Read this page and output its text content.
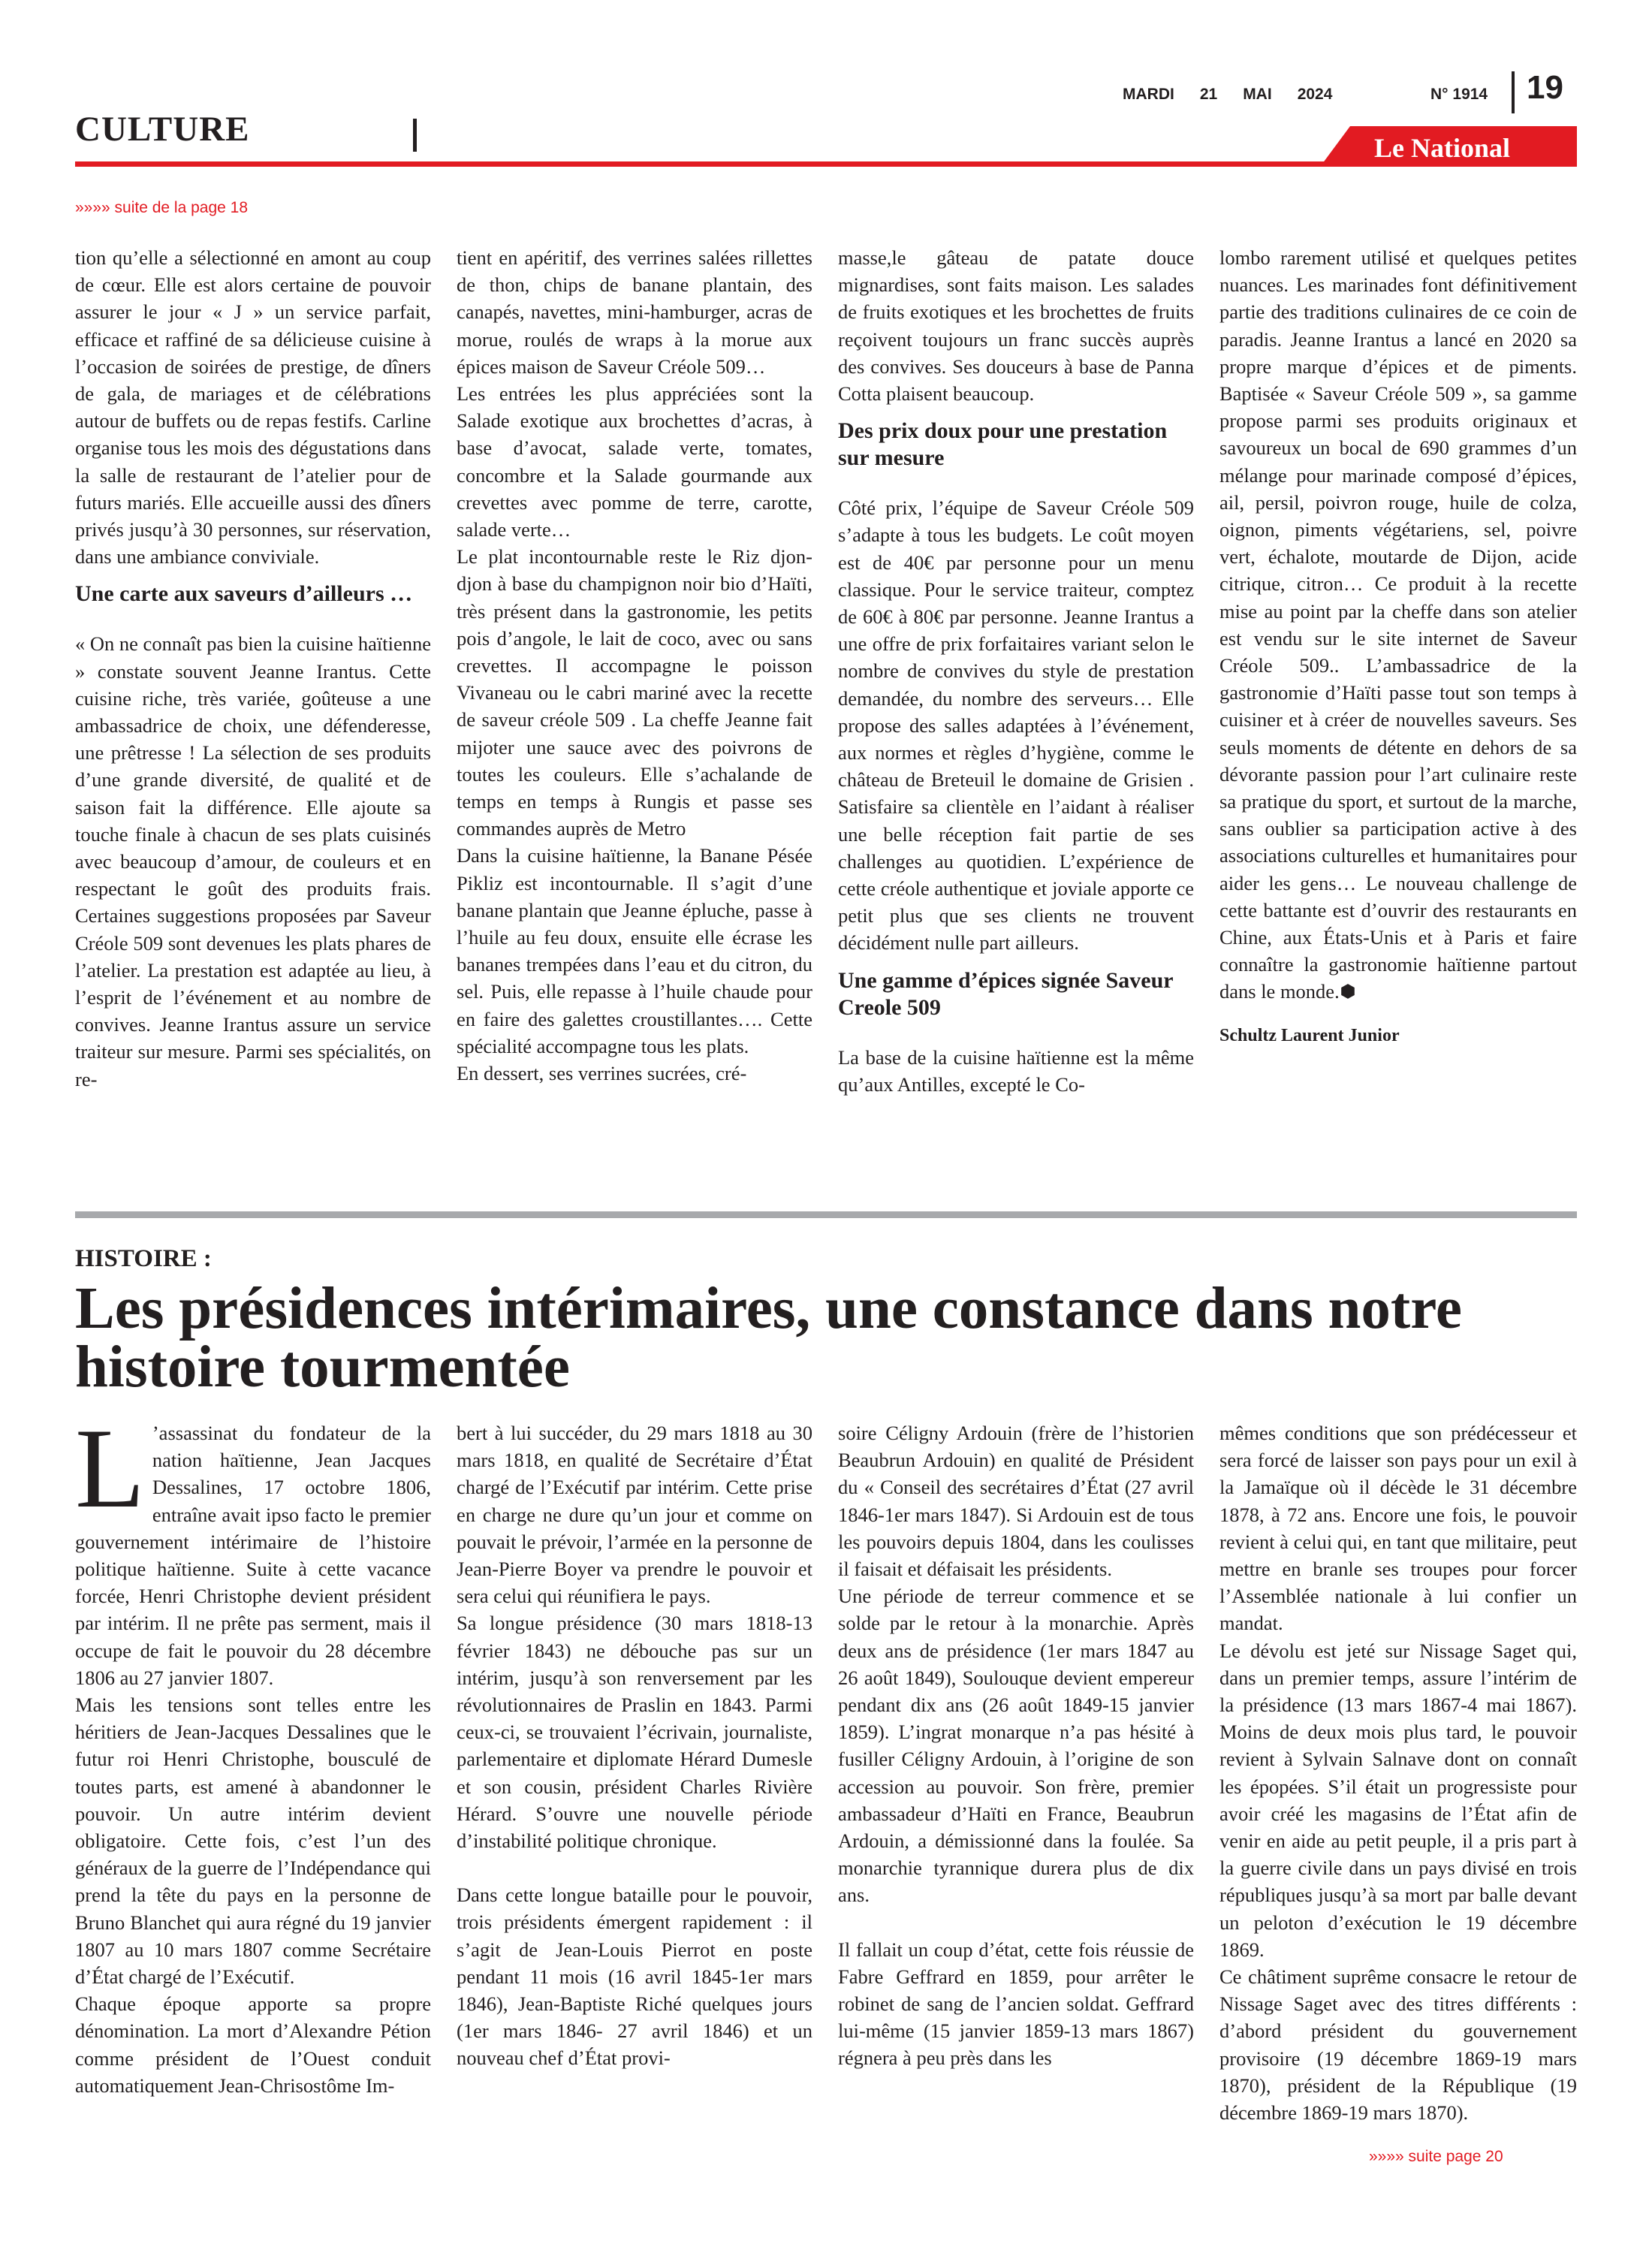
CULTURE
MARDI 21 MAI 2024	N° 1914 19
Le National
»»»» suite de la page 18

tion qu’elle a sélectionné en amont au coup de cœur. Elle est alors certaine de pouvoir assurer le jour « J » un service parfait, efficace et raffiné de sa délicieuse cuisine à l’occasion de soirées de prestige, de dîners de gala, de mariages et de célébrations autour de buffets ou de repas festifs. Carline organise tous les mois des dégustations dans la salle de restaurant de l’atelier pour de futurs mariés. Elle accueille aussi des dîners privés jusqu’à 30 personnes, sur réservation, dans une ambiance conviviale.

Une carte aux saveurs d’ailleurs …

« On ne connaît pas bien la cuisine haïtienne » constate souvent Jeanne Irantus. Cette cuisine riche, très variée, goûteuse a une ambassadrice de choix, une défenderesse, une prêtresse ! La sélection de ses produits d’une grande diversité, de qualité et de saison fait la différence. Elle ajoute sa touche finale à chacun de ses plats cuisinés avec beaucoup d’amour, de couleurs et en respectant le goût des produits frais. Certaines suggestions proposées par Saveur Créole 509 sont devenues les plats phares de l’atelier. La prestation est adaptée au lieu, à l’esprit de l’événement et au nombre de convives. Jeanne Irantus assure un service traiteur sur mesure. Parmi ses spécialités, on re-

tient en apéritif, des verrines salées rillettes de thon, chips de banane plantain, des canapés, navettes, mini-hamburger, acras de morue, roulés de wraps à la morue aux épices maison de Saveur Créole 509…

Les entrées les plus appréciées sont la Salade exotique aux brochettes d’acras, à base d’avocat, salade verte, tomates, concombre et la Salade gourmande aux crevettes avec pomme de terre, carotte, salade verte…

Le plat incontournable reste le Riz djon-djon à base du champignon noir bio d’Haïti, très présent dans la gastronomie, les petits pois d’angole, le lait de coco, avec ou sans crevettes. Il accompagne le poisson Vivaneau ou le cabri mariné avec la recette de saveur créole 509 . La cheffe Jeanne fait mijoter une sauce avec des poivrons de toutes les couleurs. Elle s’achalande de temps en temps à Rungis et passe ses commandes auprès de Metro

Dans la cuisine haïtienne, la Banane Pésée Pikliz est incontournable. Il s’agit d’une banane plantain que Jeanne épluche, passe à l’huile au feu doux, ensuite elle écrase les bananes trempées dans l’eau et du citron, du sel. Puis, elle repasse à l’huile chaude pour en faire des galettes croustillantes…. Cette spécialité accompagne tous les plats.

En dessert, ses verrines sucrées, cré-

masse,le gâteau de patate douce mignardises, sont faits maison. Les salades de fruits exotiques et les brochettes de fruits reçoivent toujours un franc succès auprès des convives. Ses douceurs à base de Panna Cotta plaisent beaucoup.

Des prix doux pour une prestation sur mesure

Côté prix, l’équipe de Saveur Créole 509 s’adapte à tous les budgets. Le coût moyen est de 40€ par personne pour un menu classique. Pour le service traiteur, comptez de 60€ à 80€ par personne. Jeanne Irantus a une offre de prix forfaitaires variant selon le nombre de convives du style de prestation demandée, du nombre des serveurs… Elle propose des salles adaptées à l’événement, aux normes et règles d’hygiène, comme le château de Breteuil le domaine de Grisien . Satisfaire sa clientèle en l’aidant à réaliser une belle réception fait partie de ses challenges au quotidien. L’expérience de cette créole authentique et joviale apporte ce petit plus que ses clients ne trouvent décidément nulle part ailleurs.

Une gamme d’épices signée Saveur Creole 509

La base de la cuisine haïtienne est la même qu’aux Antilles, excepté le Co-

lombo rarement utilisé et quelques petites nuances. Les marinades font définitivement partie des traditions culinaires de ce coin de paradis. Jeanne Irantus a lancé en 2020 sa propre marque d’épices et de piments. Baptisée « Saveur Créole 509 », sa gamme propose parmi ses produits originaux et savoureux un bocal de 690 grammes d’un mélange pour marinade composé d’épices, ail, persil, poivron rouge, huile de colza, oignon, piments végétariens, sel, poivre vert, échalote, moutarde de Dijon, acide citrique, citron… Ce produit à la recette mise au point par la cheffe dans son atelier est vendu sur le site internet de Saveur Créole 509.. L’ambassadrice de la gastronomie d’Haïti passe tout son temps à cuisiner et à créer de nouvelles saveurs. Ses seuls moments de détente en dehors de sa dévorante passion pour l’art culinaire reste sa pratique du sport, et surtout de la marche, sans oublier sa participation active à des associations culturelles et humanitaires pour aider les gens… Le nouveau challenge de cette battante est d’ouvrir des restaurants en Chine, aux États-Unis et à Paris et faire connaître la gastronomie haïtienne partout dans le monde.

Schultz Laurent Junior

HISTOIRE :
Les présidences intérimaires, une constance dans notre histoire tourmentée

L ’assassinat du fondateur de la nation haïtienne, Jean Jacques Dessalines, 17 octobre 1806, entraîne avait ipso facto le premier gouvernement intérimaire de l’histoire politique haïtienne. Suite à cette vacance forcée, Henri Christophe devient président par intérim. Il ne prête pas serment, mais il occupe de fait le pouvoir du 28 décembre 1806 au 27 janvier 1807.

Mais les tensions sont telles entre les héritiers de Jean-Jacques Dessalines que le futur roi Henri Christophe, bousculé de toutes parts, est amené à abandonner le pouvoir. Un autre intérim devient obligatoire. Cette fois, c’est l’un des généraux de la guerre de l’Indépendance qui prend la tête du pays en la personne de Bruno Blanchet qui aura régné du 19 janvier 1807 au 10 mars 1807 comme Secrétaire d’État chargé de l’Exécutif.

Chaque époque apporte sa propre dénomination. La mort d’Alexandre Pétion comme président de l’Ouest conduit automatiquement Jean-Chrisostôme Im-

bert à lui succéder, du 29 mars 1818 au 30 mars 1818, en qualité de Secrétaire d’État chargé de l’Exécutif par intérim. Cette prise en charge ne dure qu’un jour et comme on pouvait le prévoir, l’armée en la personne de Jean-Pierre Boyer va prendre le pouvoir et sera celui qui réunifiera le pays.

Sa longue présidence (30 mars 1818-13 février 1843) ne débouche pas sur un intérim, jusqu’à son renversement par les révolutionnaires de Praslin en 1843. Parmi ceux-ci, se trouvaient l’écrivain, journaliste, parlementaire et diplomate Hérard Dumesle et son cousin, président Charles Rivière Hérard. S’ouvre une nouvelle période d’instabilité politique chronique.

Dans cette longue bataille pour le pouvoir, trois présidents émergent rapidement : il s’agit de Jean-Louis Pierrot en poste pendant 11 mois (16 avril 1845-1er mars 1846), Jean-Baptiste Riché quelques jours (1er mars 1846- 27 avril 1846) et un nouveau chef d’État provi-

soire Céligny Ardouin (frère de l’historien Beaubrun Ardouin) en qualité de Président du « Conseil des secrétaires d’État (27 avril 1846-1er mars 1847). Si Ardouin est de tous les pouvoirs depuis 1804, dans les coulisses il faisait et défaisait les présidents.

Une période de terreur commence et se solde par le retour à la monarchie. Après deux ans de présidence (1er mars 1847 au 26 août 1849), Soulouque devient empereur pendant dix ans (26 août 1849-15 janvier 1859). L’ingrat monarque n’a pas hésité à fusiller Céligny Ardouin, à l’origine de son accession au pouvoir. Son frère, premier ambassadeur d’Haïti en France, Beaubrun Ardouin, a démissionné dans la foulée. Sa monarchie tyrannique durera plus de dix ans.

Il fallait un coup d’état, cette fois réussie de Fabre Geffrard en 1859, pour arrêter le robinet de sang de l’ancien soldat. Geffrard lui-même (15 janvier 1859-13 mars 1867) régnera à peu près dans les

mêmes conditions que son prédécesseur et sera forcé de laisser son pays pour un exil à la Jamaïque où il décède le 31 décembre 1878, à 72 ans. Encore une fois, le pouvoir revient à celui qui, en tant que militaire, peut mettre en branle ses troupes pour forcer l’Assemblée nationale à lui confier un mandat.

Le dévolu est jeté sur Nissage Saget qui, dans un premier temps, assure l’intérim de la présidence (13 mars 1867-4 mai 1867). Moins de deux mois plus tard, le pouvoir revient à Sylvain Salnave dont on connaît les épopées. S’il était un progressiste pour avoir créé les magasins de l’État afin de venir en aide au petit peuple, il a pris part à la guerre civile dans un pays divisé en trois républiques jusqu’à sa mort par balle devant un peloton d’exécution le 19 décembre 1869.

Ce châtiment suprême consacre le retour de Nissage Saget avec des titres différents : d’abord président du gouvernement provisoire (19 décembre 1869-19 mars 1870), président de la République (19 décembre 1869-19 mars 1870).

»»»» suite page 20
